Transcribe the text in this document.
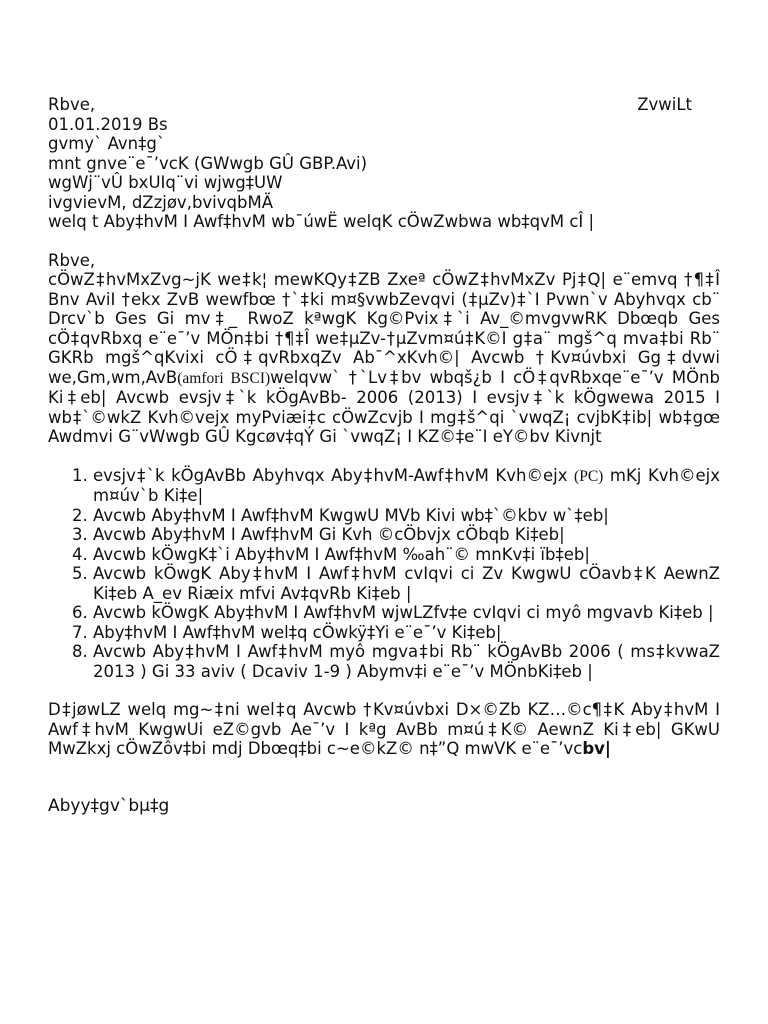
Rbve,	ZvwiLt
01.01.2019 Bs
gvmy` Avn‡g`
mnt gnve¨e¯’vcK (GWwgb GÛ GBP.Avi)
wgWj¨vÛ bxUIq¨vi wjwg‡UW
ivgvievM, dZzjøv,bvivqbMÄ
welq t Aby‡hvM I Awf‡hvM wb¯úwË welqK cÖwZwbwa wb‡qvM cÎ |
Rbve,
cÖwZ‡hvMxZvg~jK we‡k¦ mewKQy‡ZB Zxeª cÖwZ‡hvMxZv Pj‡Q| e¨emvq †¶‡Î Bnv AviI †ekx ZvB wewfbœ †`‡ki m¤§vwbZevqvi (‡µZv)‡`I Pvwn`v Abyhvqx cb¨ Drcv`b Ges Gi mv‡_ RwoZ kªwgK Kg©Pvix‡`i Av_©mvgvwRK Dbœqb Ges cÖ‡qvRbxq e¨e¯’v MÖn‡bi †¶‡Î we‡µZv-†µZvm¤ú‡K©I g‡a¨ mgš^q mva‡bi Rb¨ GKRb mgš^qKvixi cÖ‡qvRbxqZv Ab¯^xKvh©| Avcwb †Kv¤úvbxi Gg‡dvwi we,Gm,wm,AvB(amfori BSCI)welqvw` †`Lv‡bv wbqš¿b I cÖ‡qvRbxqe¨e¯’v MÖnb Ki‡eb| Avcwb evsjv‡`k kÖgAvBb- 2006 (2013) I evsjv‡`k kÖgwewa 2015 I wb‡`©wkZ Kvh©vejx myPviæi‡c cÖwZcvjb I mg‡š^qi `vwqZ¡ cvjbK‡ib| wb‡gœ Awdmvi G¨vWwgb GÛ Kgcøv‡qÝ Gi `vwqZ¡ I KZ©‡e¨I eY©bv Kivnjt
1. evsjv‡`k kÖgAvBb Abyhvqx Aby‡hvM-Awf‡hvM Kvh©ejx (PC) mKj Kvh©ejx m¤úv`b Ki‡e|
2. Avcwb Aby‡hvM I Awf‡hvM KwgwU MVb Kivi wb‡`©kbv w`‡eb|
3. Avcwb Aby‡hvM I Awf‡hvM Gi Kvh ©cÖbvjx cÖbqb Ki‡eb|
4. Avcwb kÖwgK‡`i Aby‡hvM I Awf‡hvM ‰ah¨© mnKv‡i ïb‡eb|
5. Avcwb kÖwgK Aby‡hvM I Awf‡hvM cvIqvi ci Zv KwgwU cÖavb‡K AewnZ Ki‡eb A_ev Riæix mfvi Av‡qvRb Ki‡eb |
6. Avcwb kÖwgK Aby‡hvM I Awf‡hvM wjwLZfv‡e cvIqvi ci myô mgvavb Ki‡eb |
7. Aby‡hvM I Awf‡hvM wel‡q cÖwkÿ‡Yi e¨e¯’v Ki‡eb|
8. Avcwb Aby‡hvM I Awf‡hvM myô mgva‡bi Rb¨ kÖgAvBb 2006 ( ms‡kvwaZ 2013 ) Gi 33 aviv ( Dcaviv 1-9 ) Abymv‡i e¨e¯’v MÖnbKi‡eb |
D‡jøwLZ welq mg~‡ni wel‡q Avcwb †Kv¤úvbxi D×©Zb KZ…©c¶‡K Aby‡hvM I Awf‡hvM KwgwUi eZ©gvb Ae¯’v I kªg AvBb m¤ú‡K© AewnZ Ki‡eb| GKwU MwZkxj cÖwZôv‡bi mdj Dbœq‡bi c~e©kZ© n‡”Q mwVK e¨e¯’vcbv|
Abyy‡gv`bµ‡g
